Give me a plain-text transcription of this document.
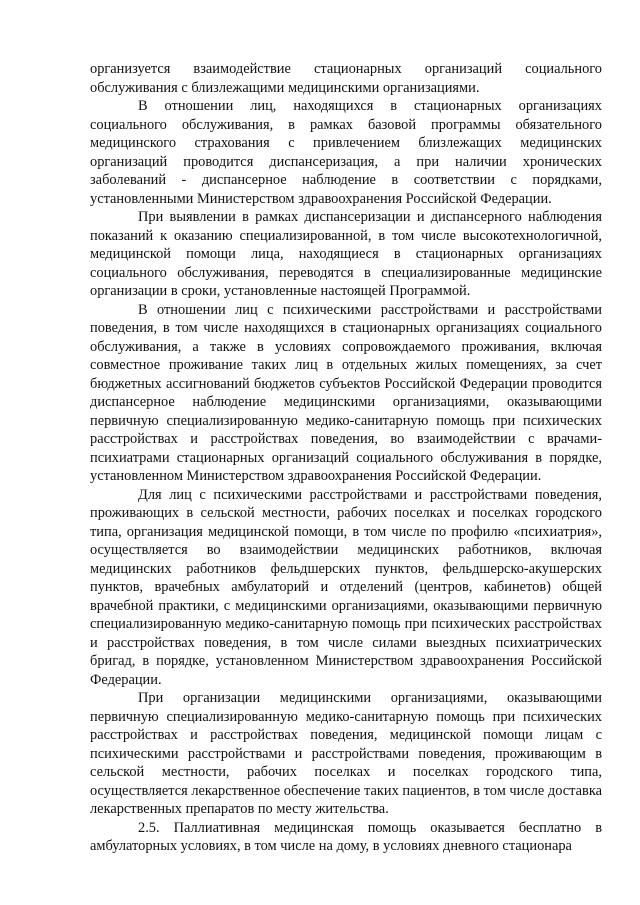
организуется взаимодействие стационарных организаций социального обслуживания с близлежащими медицинскими организациями.

В отношении лиц, находящихся в стационарных организациях социального обслуживания, в рамках базовой программы обязательного медицинского страхования с привлечением близлежащих медицинских организаций проводится диспансеризация, а при наличии хронических заболеваний - диспансерное наблюдение в соответствии с порядками, установленными Министерством здравоохранения Российской Федерации.

При выявлении в рамках диспансеризации и диспансерного наблюдения показаний к оказанию специализированной, в том числе высокотехнологичной, медицинской помощи лица, находящиеся в стационарных организациях социального обслуживания, переводятся в специализированные медицинские организации в сроки, установленные настоящей Программой.

В отношении лиц с психическими расстройствами и расстройствами поведения, в том числе находящихся в стационарных организациях социального обслуживания, а также в условиях сопровождаемого проживания, включая совместное проживание таких лиц в отдельных жилых помещениях, за счет бюджетных ассигнований бюджетов субъектов Российской Федерации проводится диспансерное наблюдение медицинскими организациями, оказывающими первичную специализированную медико-санитарную помощь при психических расстройствах и расстройствах поведения, во взаимодействии с врачами-психиатрами стационарных организаций социального обслуживания в порядке, установленном Министерством здравоохранения Российской Федерации.

Для лиц с психическими расстройствами и расстройствами поведения, проживающих в сельской местности, рабочих поселках и поселках городского типа, организация медицинской помощи, в том числе по профилю «психиатрия», осуществляется во взаимодействии медицинских работников, включая медицинских работников фельдшерских пунктов, фельдшерско-акушерских пунктов, врачебных амбулаторий и отделений (центров, кабинетов) общей врачебной практики, с медицинскими организациями, оказывающими первичную специализированную медико-санитарную помощь при психических расстройствах и расстройствах поведения, в том числе силами выездных психиатрических бригад, в порядке, установленном Министерством здравоохранения Российской Федерации.

При организации медицинскими организациями, оказывающими первичную специализированную медико-санитарную помощь при психических расстройствах и расстройствах поведения, медицинской помощи лицам с психическими расстройствами и расстройствами поведения, проживающим в сельской местности, рабочих поселках и поселках городского типа, осуществляется лекарственное обеспечение таких пациентов, в том числе доставка лекарственных препаратов по месту жительства.

2.5. Паллиативная медицинская помощь оказывается бесплатно в амбулаторных условиях, в том числе на дому, в условиях дневного стационара
